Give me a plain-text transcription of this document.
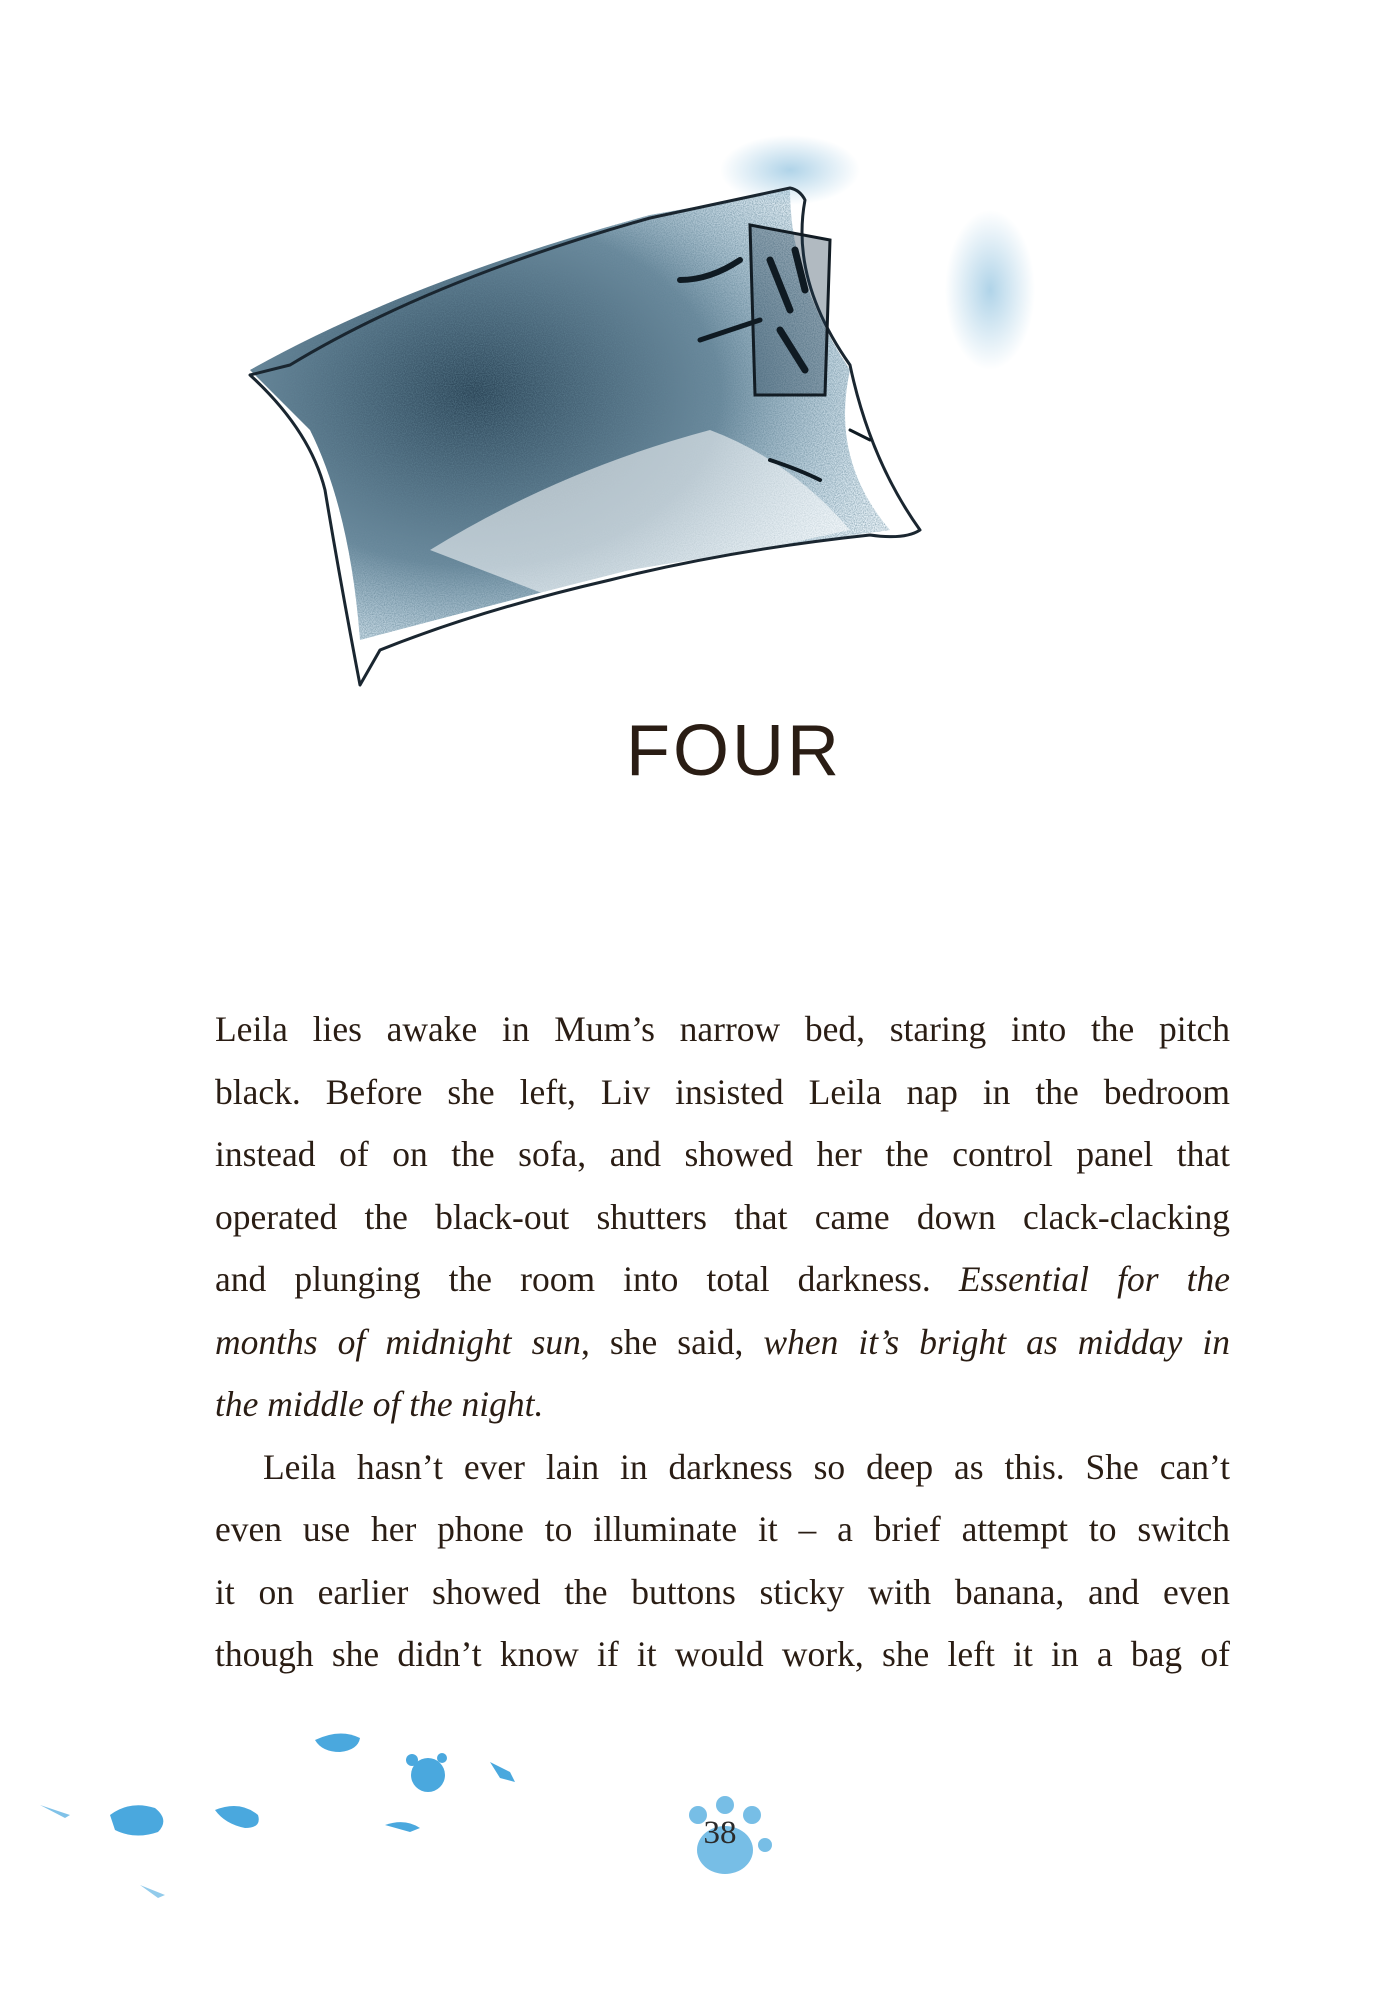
FOUR
Leila lies awake in Mum’s narrow bed, staring into the pitch
black. Before she left, Liv insisted Leila nap in the bedroom
instead of on the sofa, and showed her the control panel that
operated the black-out shutters that came down clack-clacking
and plunging the room into total darkness. Essential for the
months of midnight sun, she said, when it’s bright as midday in
the middle of the night.
Leila hasn’t ever lain in darkness so deep as this. She can’t
even use her phone to illuminate it – a brief attempt to switch
it on earlier showed the buttons sticky with banana, and even
though she didn’t know if it would work, she left it in a bag of
38
